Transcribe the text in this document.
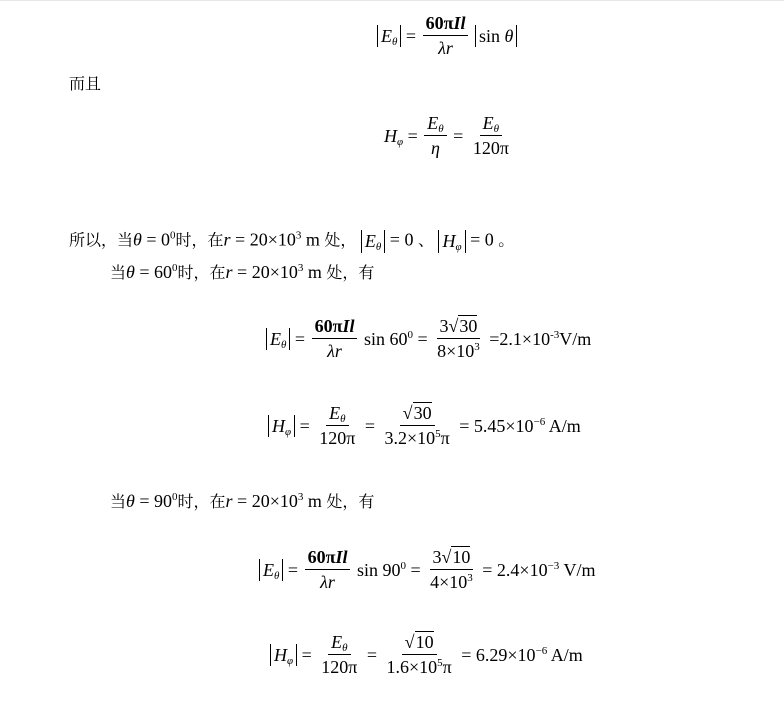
$E_\theta = \frac{\text{60πIl}}{\lambda r}$ sin θ
而且
$H_\varphi = \frac{E_\theta}{\eta} = \frac{E_\theta}{120\pi}$
所以，当$\theta = 0^0$时，在$r = 20\times 10^3$ m 处， $E_\theta = 0$ 、 $H_\varphi = 0$ 。
当$\theta = 60^0$时，在$r = 20\times 10^3$ m 处，有
$E_\theta = \frac{\text{60πIl}}{\lambda r}$ $\sin 60^0 = \frac{3√30}{8\times 10^3} =2.1\times 10^{-3}V/m$
$H_\varphi = \frac{E_\theta}{120\pi} = \frac{√30}{3.2\times 10^5\pi} = 5.45\times 10^{-6}$ A/m
当$\theta = 90^0$时，在$r = 20\times 10^3$ m 处，有
$E_\theta = \frac{\text{60πIl}}{\lambda r}$ $\sin 90^0 = \frac{3√10}{4\times 10^3} = 2.4\times 10^{-3}$ V/m
$H_\varphi = \frac{E_\theta}{120\pi} = \frac{√10}{1.6\times 10^5\pi} = 6.29\times 10^{-6}$ A/m
